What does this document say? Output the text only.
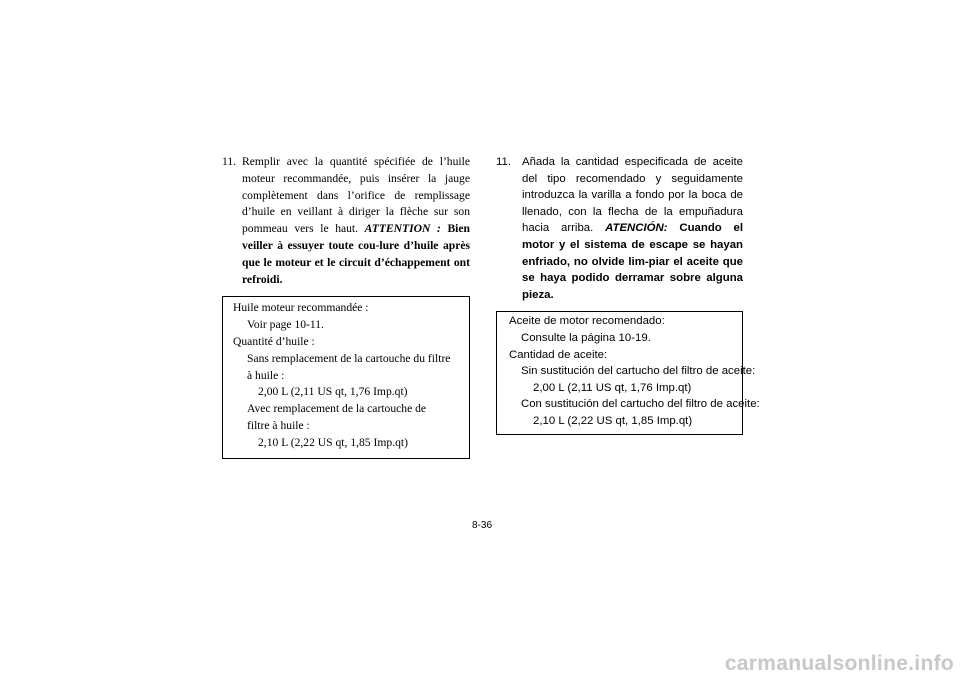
11. Remplir avec la quantité spécifiée de l’huile moteur recommandée, puis insérer la jauge complètement dans l’orifice de remplissage d’huile en veillant à diriger la flèche sur son pommeau vers le haut. ATTENTION : Bien veiller à essuyer toute cou-lure d’huile après que le moteur et le circuit d’échappement ont refroidi.
Huile moteur recommandée :
Voir page 10-11.
Quantité d’huile :
Sans remplacement de la cartouche du filtre à huile :
2,00 L (2,11 US qt, 1,76 Imp.qt)
Avec remplacement de la cartouche de filtre à huile :
2,10 L (2,22 US qt, 1,85 Imp.qt)
11. Añada la cantidad especificada de aceite del tipo recomendado y seguidamente introduzca la varilla a fondo por la boca de llenado, con la flecha de la empuñadura hacia arriba. ATENCIÓN: Cuando el motor y el sistema de escape se hayan enfriado, no olvide lim-piar el aceite que se haya podido derramar sobre alguna pieza.
Aceite de motor recomendado:
Consulte la página 10-19.
Cantidad de aceite:
Sin sustitución del cartucho del filtro de aceite:
2,00 L (2,11 US qt, 1,76 Imp.qt)
Con sustitución del cartucho del filtro de aceite:
2,10 L (2,22 US qt, 1,85 Imp.qt)
8-36
carmanualsonline.info
